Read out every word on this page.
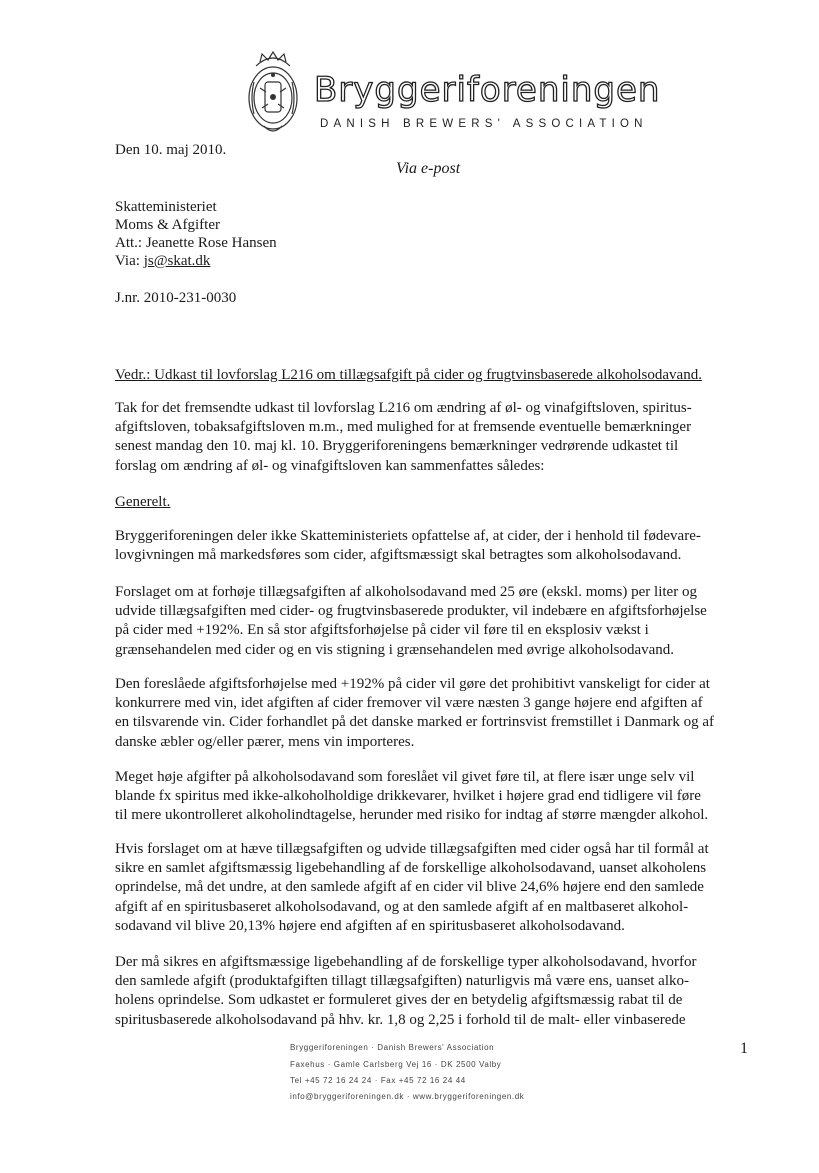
Bryggeriforeningen
DANISH BREWERS' ASSOCIATION
Den 10. maj 2010.
Via e-post
Skatteministeriet
Moms & Afgifter
Att.: Jeanette Rose Hansen
Via: js@skat.dk
J.nr. 2010-231-0030
Vedr.: Udkast til lovforslag L216 om tillægsafgift på cider og frugtvinsbaserede alkoholsodavand.
Tak for det fremsendte udkast til lovforslag L216 om ændring af øl- og vinafgiftsloven, spiritus-
afgiftsloven, tobaksafgiftsloven m.m., med mulighed for at fremsende eventuelle bemærkninger
senest mandag den 10. maj kl. 10. Bryggeriforeningens bemærkninger vedrørende udkastet til
forslag om ændring af øl- og vinafgiftsloven kan sammenfattes således:
Generelt.
Bryggeriforeningen deler ikke Skatteministeriets opfattelse af, at cider, der i henhold til fødevare-
lovgivningen må markedsføres som cider, afgiftsmæssigt skal betragtes som alkoholsodavand.
Forslaget om at forhøje tillægsafgiften af alkoholsodavand med 25 øre (ekskl. moms) per liter og
udvide tillægsafgiften med cider- og frugtvinsbaserede produkter, vil indebære en afgiftsforhøjelse
på cider med +192%. En så stor afgiftsforhøjelse på cider vil føre til en eksplosiv vækst i
grænsehandelen med cider og en vis stigning i grænsehandelen med øvrige alkoholsodavand.
Den foreslåede afgiftsforhøjelse med +192% på cider vil gøre det prohibitivt vanskeligt for cider at
konkurrere med vin, idet afgiften af cider fremover vil være næsten 3 gange højere end afgiften af
en tilsvarende vin. Cider forhandlet på det danske marked er fortrinsvist fremstillet i Danmark og af
danske æbler og/eller pærer, mens vin importeres.
Meget høje afgifter på alkoholsodavand som foreslået vil givet føre til, at flere især unge selv vil
blande fx spiritus med ikke-alkoholholdige drikkevarer, hvilket i højere grad end tidligere vil føre
til mere ukontrolleret alkoholindtagelse, herunder med risiko for indtag af større mængder alkohol.
Hvis forslaget om at hæve tillægsafgiften og udvide tillægsafgiften med cider også har til formål at
sikre en samlet afgiftsmæssig ligebehandling af de forskellige alkoholsodavand, uanset alkoholens
oprindelse, må det undre, at den samlede afgift af en cider vil blive 24,6% højere end den samlede
afgift af en spiritusbaseret alkoholsodavand, og at den samlede afgift af en maltbaseret alkohol-
sodavand vil blive 20,13% højere end afgiften af en spiritusbaseret alkoholsodavand.
Der må sikres en afgiftsmæssige ligebehandling af de forskellige typer alkoholsodavand, hvorfor
den samlede afgift (produktafgiften tillagt tillægsafgiften) naturligvis må være ens, uanset alko-
holens oprindelse. Som udkastet er formuleret gives der en betydelig afgiftsmæssig rabat til de
spiritusbaserede alkoholsodavand på hhv. kr. 1,8 og 2,25 i forhold til de malt- eller vinbaserede
Bryggeriforeningen · Danish Brewers' Association
Faxehus · Gamle Carlsberg Vej 16 · DK 2500 Valby
Tel +45 72 16 24 24 · Fax +45 72 16 24 44
info@bryggeriforeningen.dk · www.bryggeriforeningen.dk
1
